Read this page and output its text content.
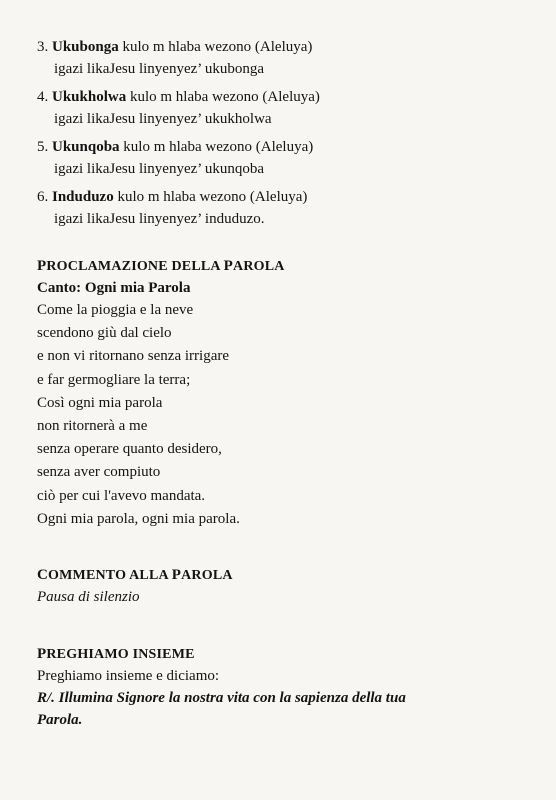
3. Ukubonga kulo m hlaba wezono (Aleluya)
igazi likaJesu linyenyez’ ukubonga
4. Ukukholwa kulo m hlaba wezono (Aleluya)
igazi likaJesu linyenyez’ ukukholwa
5. Ukunqoba kulo m hlaba wezono (Aleluya)
igazi likaJesu linyenyez’ ukunqoba
6. Induduzo kulo m hlaba wezono (Aleluya)
igazi likaJesu linyenyez’ induduzo.
PROCLAMAZIONE DELLA PAROLA
Canto: Ogni mia Parola
Come la pioggia e la neve
scendono giù dal cielo
e non vi ritornano senza irrigare
e far germogliare la terra;
Così ogni mia parola
non ritornerà a me
senza operare quanto desidero,
senza aver compiuto
ciò per cui l'avevo mandata.
Ogni mia parola, ogni mia parola.
COMMENTO ALLA PAROLA
Pausa di silenzio
PREGHIAMO INSIEME
Preghiamo insieme e diciamo:
R/. Illumina Signore la nostra vita con la sapienza della tua
Parola.
